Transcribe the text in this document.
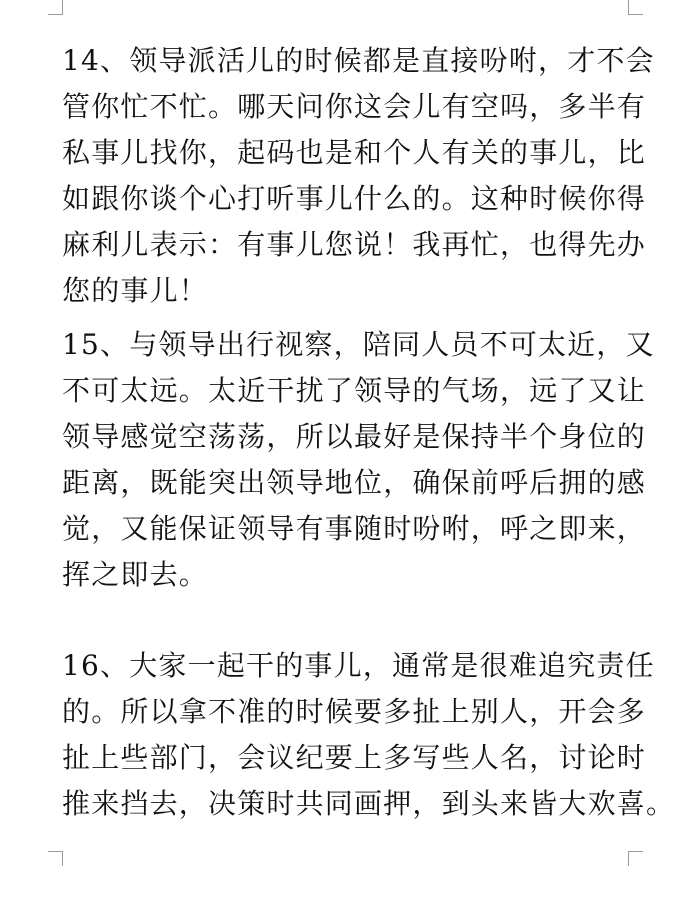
14、领导派活儿的时候都是直接吩咐，才不会
管你忙不忙。哪天问你这会儿有空吗，多半有
私事儿找你，起码也是和个人有关的事儿，比
如跟你谈个心打听事儿什么的。这种时候你得
麻利儿表示：有事儿您说！我再忙，也得先办
您的事儿！
15、与领导出行视察，陪同人员不可太近，又
不可太远。太近干扰了领导的气场，远了又让
领导感觉空荡荡，所以最好是保持半个身位的
距离，既能突出领导地位，确保前呼后拥的感
觉，又能保证领导有事随时吩咐，呼之即来，
挥之即去。
16、大家一起干的事儿，通常是很难追究责任
的。所以拿不准的时候要多扯上别人，开会多
扯上些部门，会议纪要上多写些人名，讨论时
推来挡去，决策时共同画押，到头来皆大欢喜。
